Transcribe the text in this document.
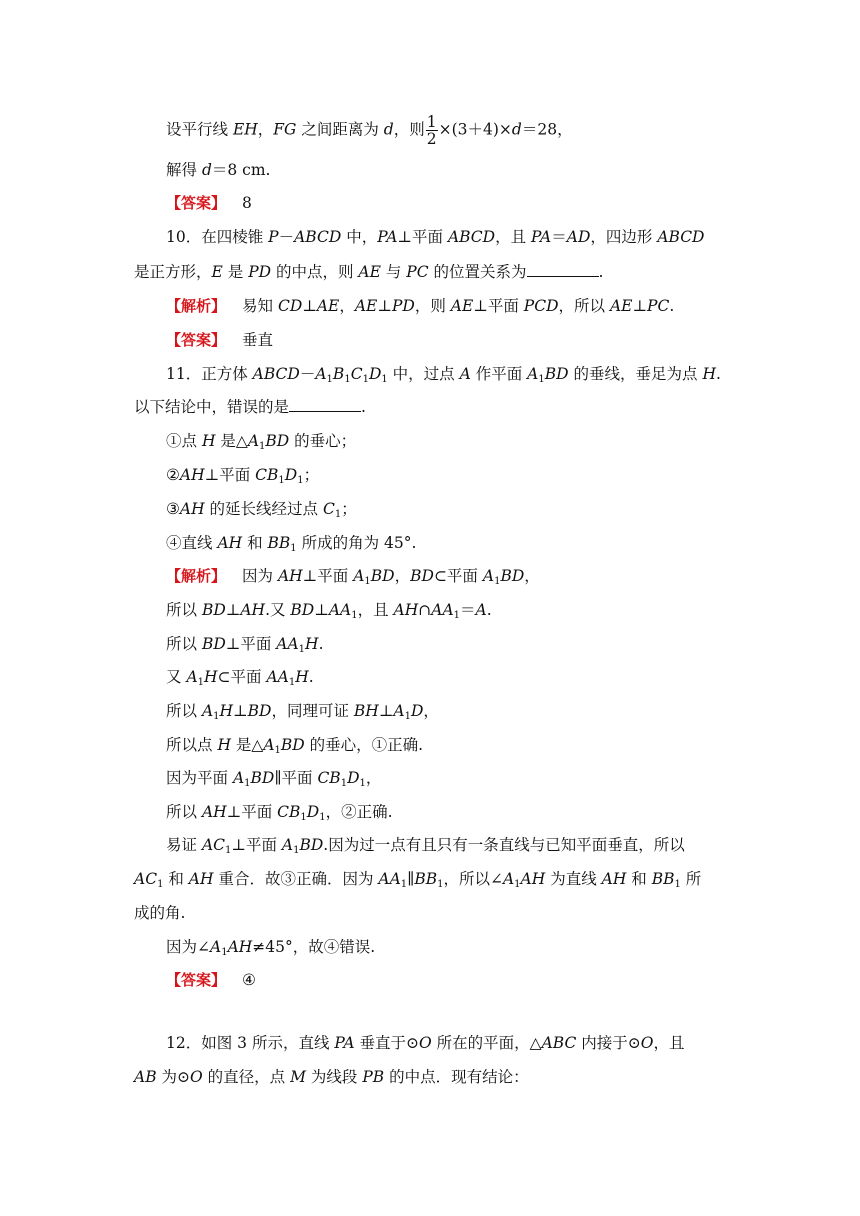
设平行线 EH，FG 之间距离为 d，则 $\frac{1}{2} \times(3+4)\times d=28$，
解得 d＝8 cm.
【答案】 8
10．在四棱锥 P－ABCD 中，PA⊥平面 ABCD，且 PA＝AD，四边形 ABCD
是正方形，E 是 PD 的中点，则 AE 与 PC 的位置关系为	.
【解析】 易知 CD⊥AE，AE⊥PD，则 AE⊥平面 PCD，所以 AE⊥PC.
【答案】 垂直
11．正方体 $ABCD-A_1B_1C_1D_1$ 中，过点 A 作平面 $A_1BD$ 的垂线，垂足为点 H.
以下结论中，错误的是	.
①点 H 是$\triangle A_1BD$ 的垂心；
②AH⊥平面 $CB_1D_1$；
③AH 的延长线经过点 $C_1$；
④直线 AH 和 $BB_1$ 所成的角为 45°.
【解析】 因为 AH⊥平面 $A_1BD$，BD⊂平面 $A_1BD$，
所以 BD⊥AH.又 $BD\perp AA_1$，且 $AH\cap AA_1=A$.
所以 BD⊥平面 $AA_1H$.
又 $A_1H\subset$平面 $AA_1H$.
所以 $A_1H\perp BD$，同理可证 $BH\perp A_1D$，
所以点 H 是$\triangle A_1BD$ 的垂心，①正确.
因为平面 $A_1BD\parallel$平面 $CB_1D_1$，
所以 AH⊥平面 $CB_1D_1$，②正确.
易证 $AC_1\perp$平面 $A_1BD$.因为过一点有且只有一条直线与已知平面垂直，所以
$AC_1$ 和 AH 重合．故③正确．因为 $AA_1\parallel BB_1$，所以$\angle A_1AH$ 为直线 AH 和 $BB_1$ 所
成的角.
因为$\angle A_1AH\ne 45^\circ$，故④错误.
【答案】 ④
12．如图 3 所示，直线 PA 垂直于⊙O 所在的平面，△ABC 内接于⊙O，且
AB 为⊙O 的直径，点 M 为线段 PB 的中点．现有结论：
